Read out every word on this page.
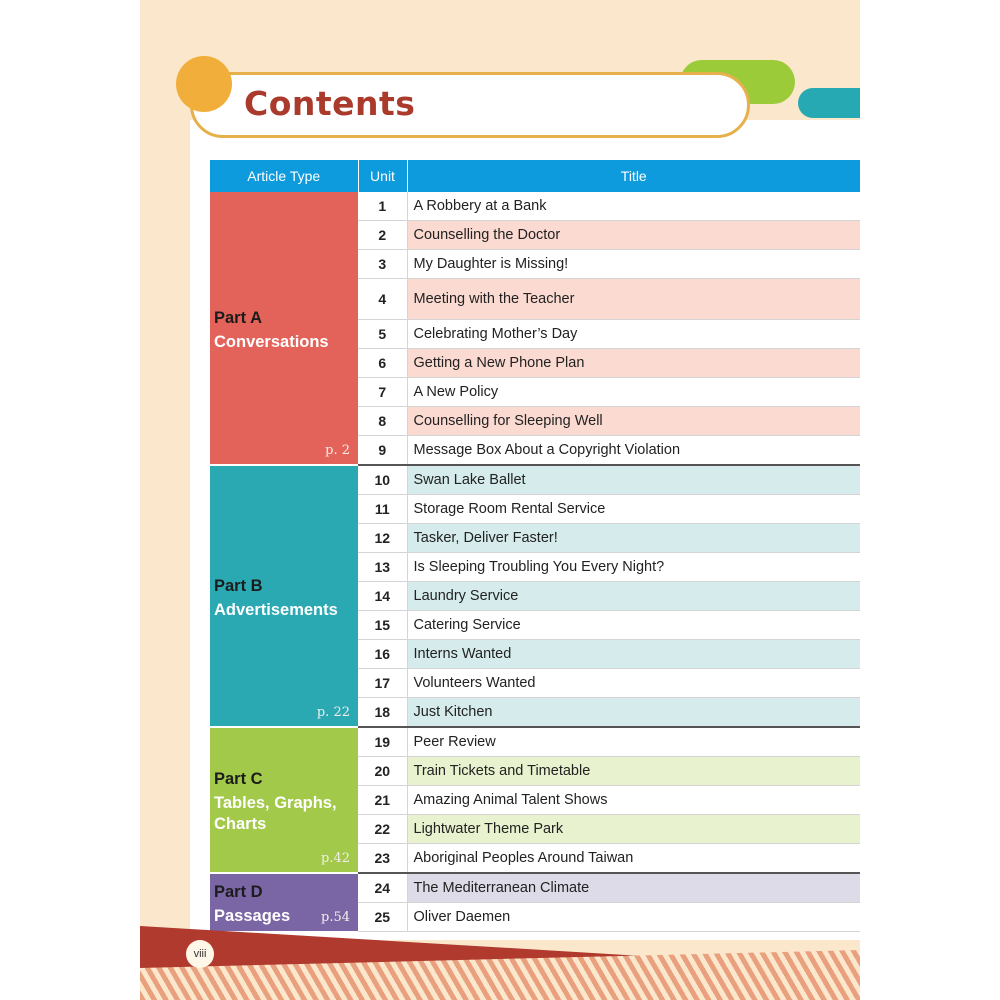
Contents
Article Type	Unit	Title

Part A
Conversations
p. 2	1	A Robbery at a Bank
	2	Counselling the Doctor
	3	My Daughter is Missing!
	4	Meeting with the Teacher
	5	Celebrating Mother’s Day
	6	Getting a New Phone Plan
	7	A New Policy
	8	Counselling for Sleeping Well
	9	Message Box About a Copyright Violation

Part B
Advertisements
p. 22	10	Swan Lake Ballet
	11	Storage Room Rental Service
	12	Tasker, Deliver Faster!
	13	Is Sleeping Troubling You Every Night?
	14	Laundry Service
	15	Catering Service
	16	Interns Wanted
	17	Volunteers Wanted
	18	Just Kitchen

Part C
Tables, Graphs, Charts
p.42	19	Peer Review
	20	Train Tickets and Timetable
	21	Amazing Animal Talent Shows
	22	Lightwater Theme Park
	23	Aboriginal Peoples Around Taiwan

Part D
Passages p.54	24	The Mediterranean Climate
	25	Oliver Daemen
viii
